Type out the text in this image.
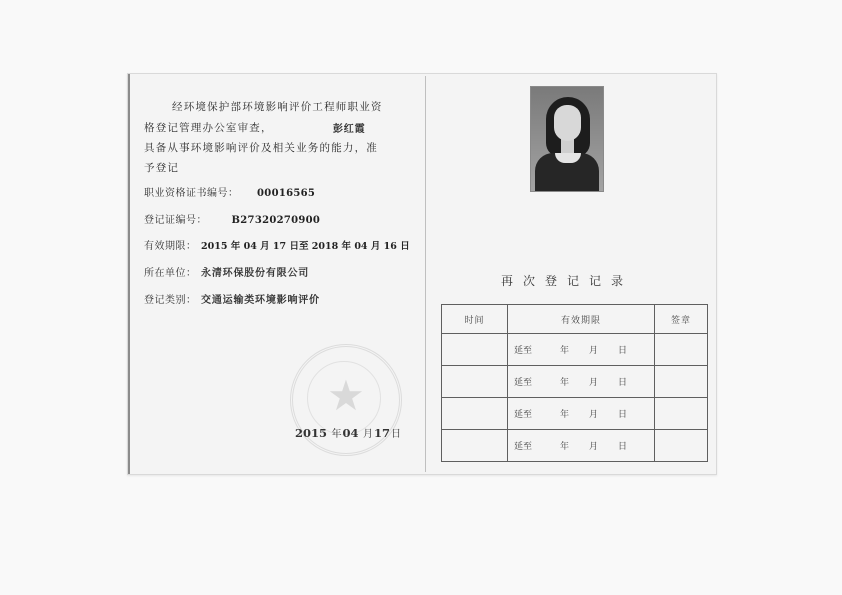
经环境保护部环境影响评价工程师职业资
格登记管理办公室审查，	彭红霞
具备从事环境影响评价及相关业务的能力，准
予登记
职业资格证书编号： 00016565
登记证编号： B27320270900
有效期限： 2015 年 04 月 17 日至 2018 年 04 月 16 日
所在单位： 永清环保股份有限公司
登记类别： 交通运输类环境影响评价
★
2015 年04 月17日
再次登记记录
时间	有效期限	签章
	延至 年 月 日	
	延至 年 月 日	
	延至 年 月 日	
	延至 年 月 日	
